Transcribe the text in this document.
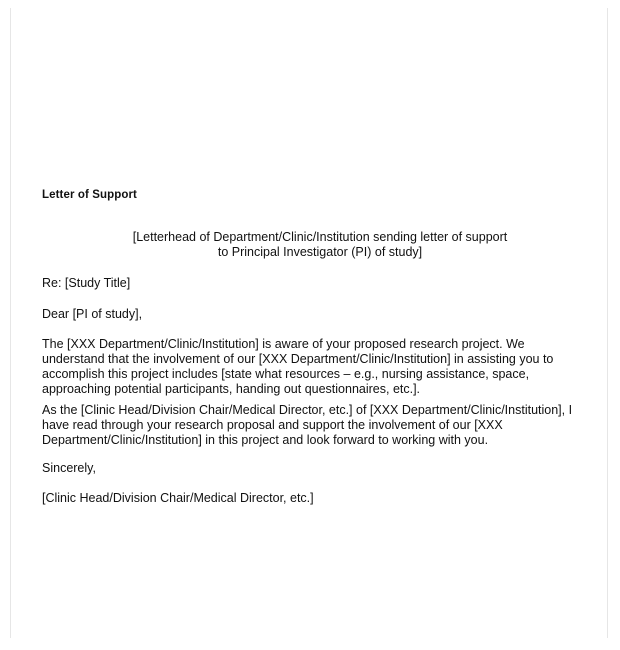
Letter of Support
[Letterhead of Department/Clinic/Institution sending letter of support
to Principal Investigator (PI) of study]
Re: [Study Title]
Dear [PI of study],
The [XXX Department/Clinic/Institution] is aware of your proposed research project. We
understand that the involvement of our [XXX Department/Clinic/Institution] in assisting you to
accomplish this project includes [state what resources – e.g., nursing assistance, space,
approaching potential participants, handing out questionnaires, etc.].
As the [Clinic Head/Division Chair/Medical Director, etc.] of [XXX Department/Clinic/Institution], I
have read through your research proposal and support the involvement of our [XXX
Department/Clinic/Institution] in this project and look forward to working with you.
Sincerely,
[Clinic Head/Division Chair/Medical Director, etc.]
